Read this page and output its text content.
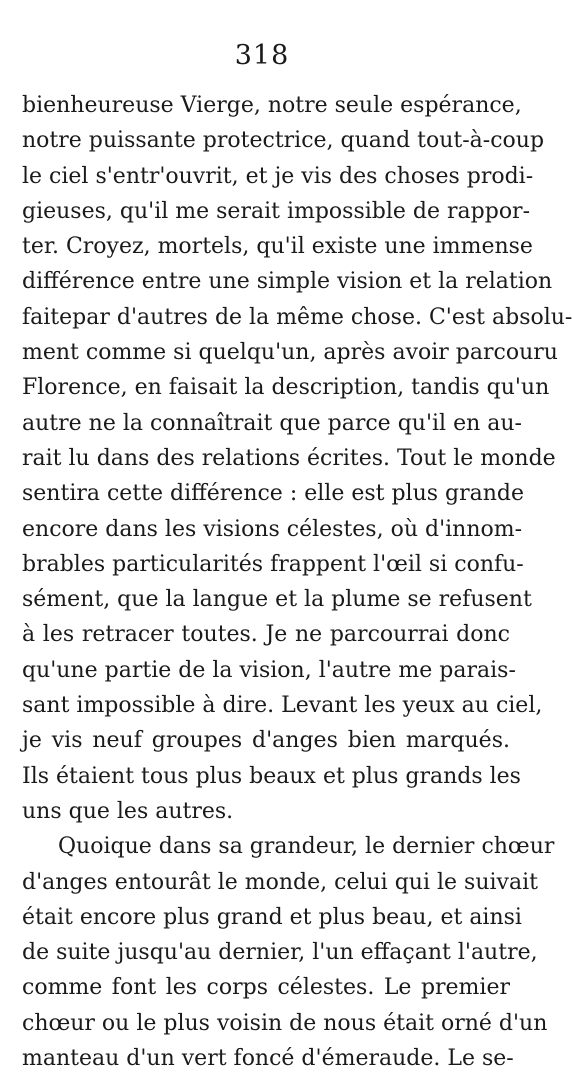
318
bienheureuse Vierge, notre seule espérance,
notre puissante protectrice, quand tout-à-coup
le ciel s'entr'ouvrit, et je vis des choses prodi-
gieuses, qu'il me serait impossible de rappor-
ter. Croyez, mortels, qu'il existe une immense
différence entre une simple vision et la relation
faitepar d'autres de la même chose. C'est absolu-
ment comme si quelqu'un, après avoir parcouru
Florence, en faisait la description, tandis qu'un
autre ne la connaîtrait que parce qu'il en au-
rait lu dans des relations écrites. Tout le monde
sentira cette différence : elle est plus grande
encore dans les visions célestes, où d'innom-
brables particularités frappent l'œil si confu-
sément, que la langue et la plume se refusent
à les retracer toutes. Je ne parcourrai donc
qu'une partie de la vision, l'autre me parais-
sant impossible à dire. Levant les yeux au ciel,
je vis neuf groupes d'anges bien marqués.
Ils étaient tous plus beaux et plus grands les
uns que les autres.
Quoique dans sa grandeur, le dernier chœur
d'anges entourât le monde, celui qui le suivait
était encore plus grand et plus beau, et ainsi
de suite jusqu'au dernier, l'un effaçant l'autre,
comme font les corps célestes. Le premier
chœur ou le plus voisin de nous était orné d'un
manteau d'un vert foncé d'émeraude. Le se-
